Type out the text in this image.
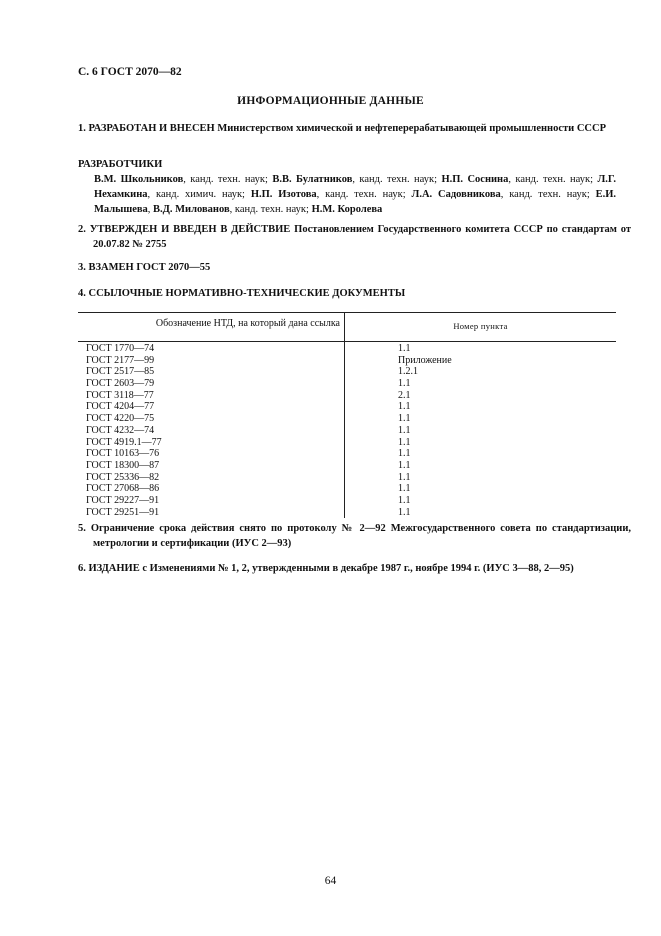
С. 6 ГОСТ 2070—82
ИНФОРМАЦИОННЫЕ ДАННЫЕ
1. РАЗРАБОТАН И ВНЕСЕН Министерством химической и нефтеперерабатывающей промышленности СССР
РАЗРАБОТЧИКИ
В.М. Школьников, канд. техн. наук; В.В. Булатников, канд. техн. наук; Н.П. Соснина, канд. техн. наук; Л.Г. Нехамкина, канд. химич. наук; Н.П. Изотова, канд. техн. наук; Л.А. Садовникова, канд. техн. наук; Е.И. Малышева, В.Д. Милованов, канд. техн. наук; Н.М. Королева
2. УТВЕРЖДЕН И ВВЕДЕН В ДЕЙСТВИЕ Постановлением Государственного комитета СССР по стандартам от 20.07.82 № 2755
3. ВЗАМЕН ГОСТ 2070—55
4. ССЫЛОЧНЫЕ НОРМАТИВНО-ТЕХНИЧЕСКИЕ ДОКУМЕНТЫ
Обозначение НТД, на который дана ссылка	Номер пункта
ГОСТ 1770—74	1.1
ГОСТ 2177—99	Приложение
ГОСТ 2517—85	1.2.1
ГОСТ 2603—79	1.1
ГОСТ 3118—77	2.1
ГОСТ 4204—77	1.1
ГОСТ 4220—75	1.1
ГОСТ 4232—74	1.1
ГОСТ 4919.1—77	1.1
ГОСТ 10163—76	1.1
ГОСТ 18300—87	1.1
ГОСТ 25336—82	1.1
ГОСТ 27068—86	1.1
ГОСТ 29227—91	1.1
ГОСТ 29251—91	1.1
5. Ограничение срока действия снято по протоколу № 2—92 Межгосударственного совета по стандартизации, метрологии и сертификации (ИУС 2—93)
6. ИЗДАНИЕ с Изменениями № 1, 2, утвержденными в декабре 1987 г., ноябре 1994 г. (ИУС 3—88, 2—95)
64
